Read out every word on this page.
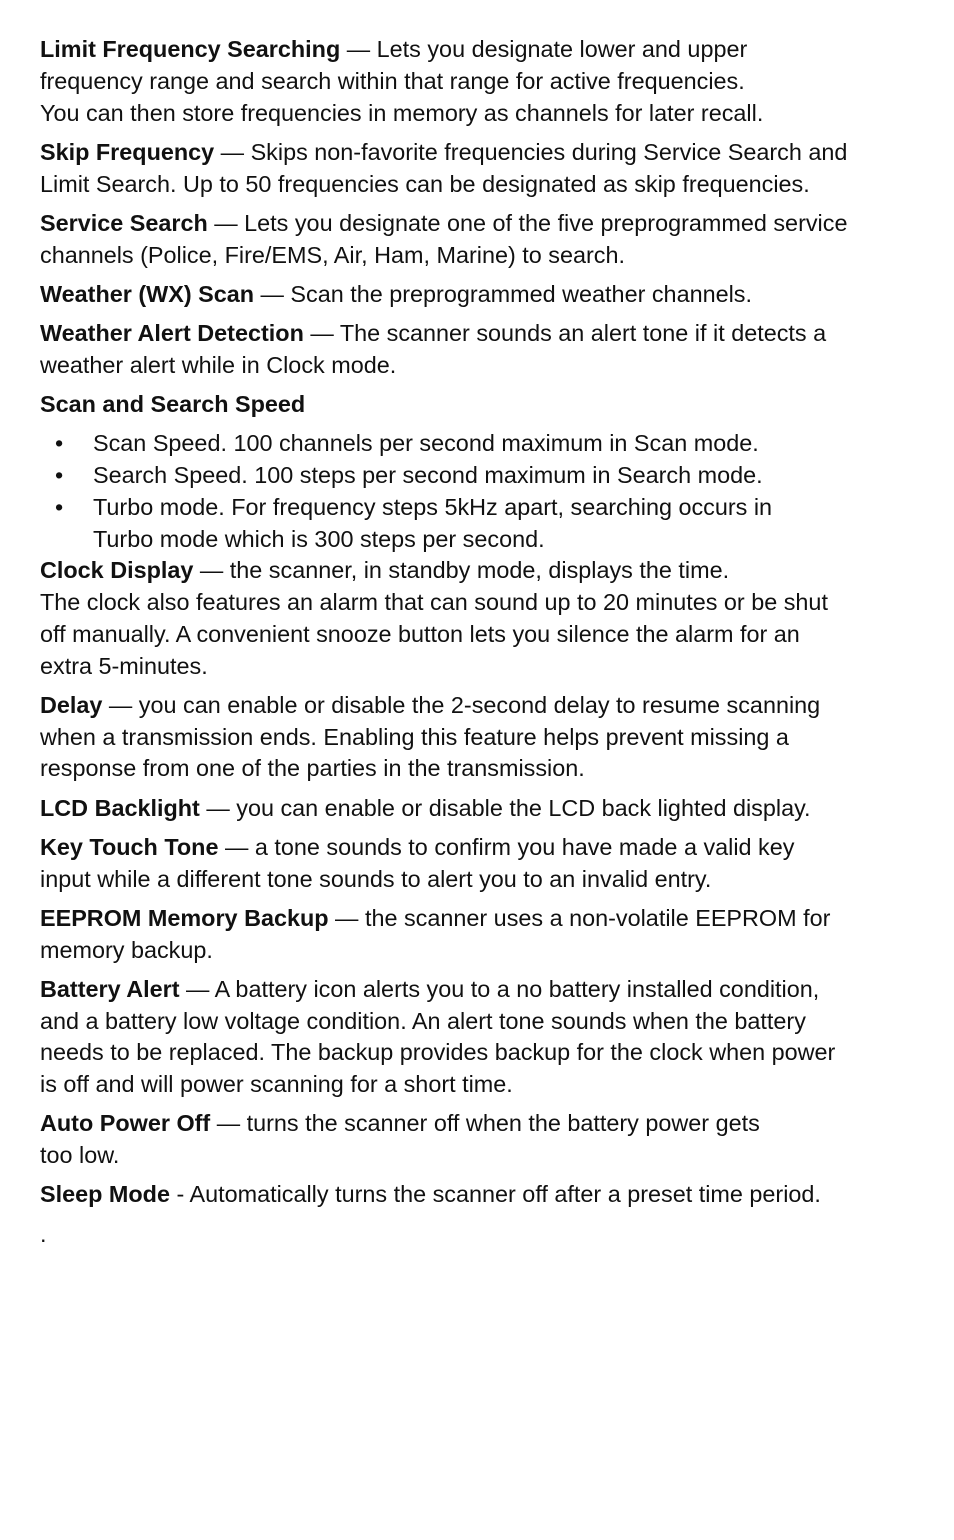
Limit Frequency Searching — Lets you designate lower and upper
frequency range and search within that range for active frequencies.
You can then store frequencies in memory as channels for later recall.

Skip Frequency — Skips non-favorite frequencies during Service Search and
Limit Search. Up to 50 frequencies can be designated as skip frequencies.

Service Search — Lets you designate one of the five preprogrammed service
channels (Police, Fire/EMS, Air, Ham, Marine) to search.

Weather (WX) Scan — Scan the preprogrammed weather channels.

Weather Alert Detection — The scanner sounds an alert tone if it detects a
weather alert while in Clock mode.

Scan and Search Speed
• Scan Speed. 100 channels per second maximum in Scan mode.
• Search Speed. 100 steps per second maximum in Search mode.
• Turbo mode. For frequency steps 5kHz apart, searching occurs in
Turbo mode which is 300 steps per second.

Clock Display — the scanner, in standby mode, displays the time.
The clock also features an alarm that can sound up to 20 minutes or be shut
off manually. A convenient snooze button lets you silence the alarm for an
extra 5-minutes.

Delay — you can enable or disable the 2-second delay to resume scanning
when a transmission ends. Enabling this feature helps prevent missing a
response from one of the parties in the transmission.

LCD Backlight — you can enable or disable the LCD back lighted display.

Key Touch Tone — a tone sounds to confirm you have made a valid key
input while a different tone sounds to alert you to an invalid entry.

EEPROM Memory Backup — the scanner uses a non-volatile EEPROM for
memory backup.

Battery Alert — A battery icon alerts you to a no battery installed condition,
and a battery low voltage condition. An alert tone sounds when the battery
needs to be replaced. The backup provides backup for the clock when power
is off and will power scanning for a short time.

Auto Power Off — turns the scanner off when the battery power gets
too low.

Sleep Mode - Automatically turns the scanner off after a preset time period.

.
